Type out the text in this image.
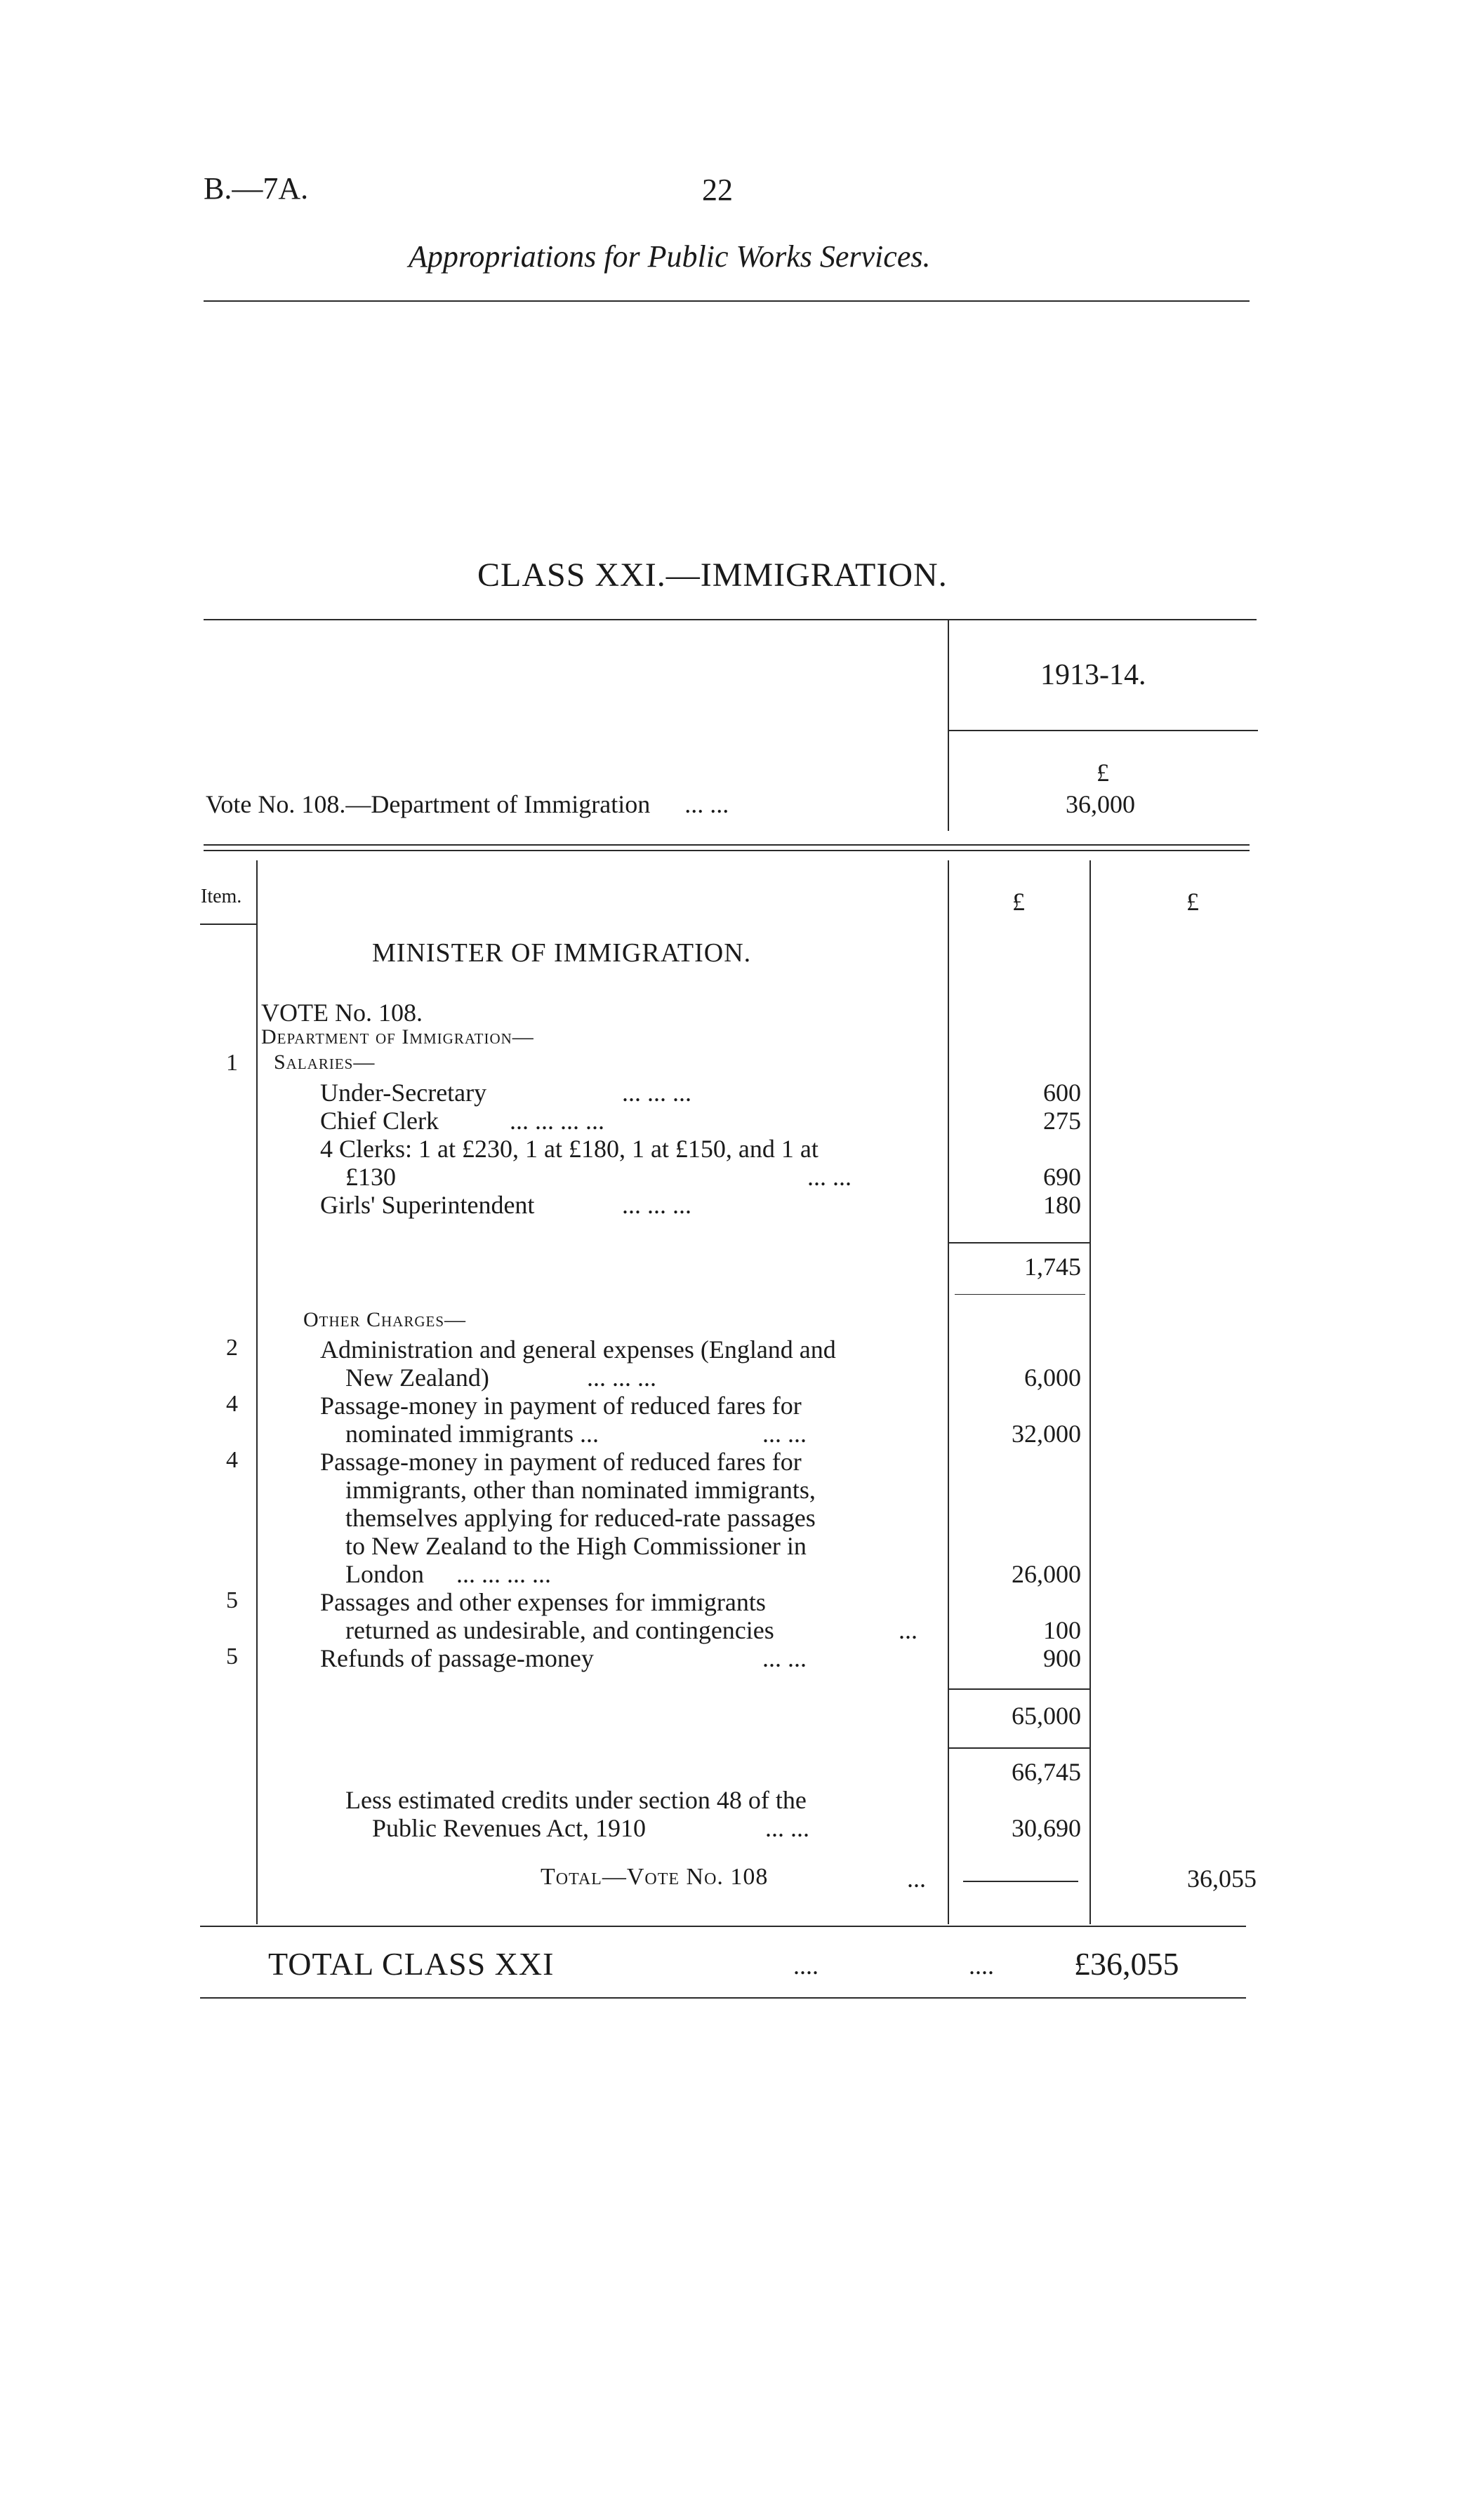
B.—7A.	22
Appropriations for Public Works Services.
CLASS XXI.—IMMIGRATION.
1913-14.
£
Vote No. 108.—Department of Immigration ... ...	36,000
Item.	£	£
MINISTER OF IMMIGRATION.
VOTE No. 108.
Department of Immigration—
1 Salaries—
Under-Secretary	... ... ...	600
Chief Clerk	... ... ... ...	275
4 Clerks: 1 at £230, 1 at £180, 1 at £150, and 1 at
£130	... ...	690
Girls' Superintendent	... ... ...	180
1,745
Other Charges—
2	Administration and general expenses (England and
New Zealand)	... ... ...	6,000
4	Passage-money in payment of reduced fares for
nominated immigrants ...	... ...	32,000
4	Passage-money in payment of reduced fares for
immigrants, other than nominated immigrants,
themselves applying for reduced-rate passages
to New Zealand to the High Commissioner in
London ... ... ... ...	26,000
5	Passages and other expenses for immigrants
returned as undesirable, and contingencies	...	100
5	Refunds of passage-money	... ...	900
65,000
66,745
Less estimated credits under section 48 of the
Public Revenues Act, 1910	... ...	30,690
Total—Vote No. 108	...	36,055
TOTAL CLASS XXI	....	.... £36,055
